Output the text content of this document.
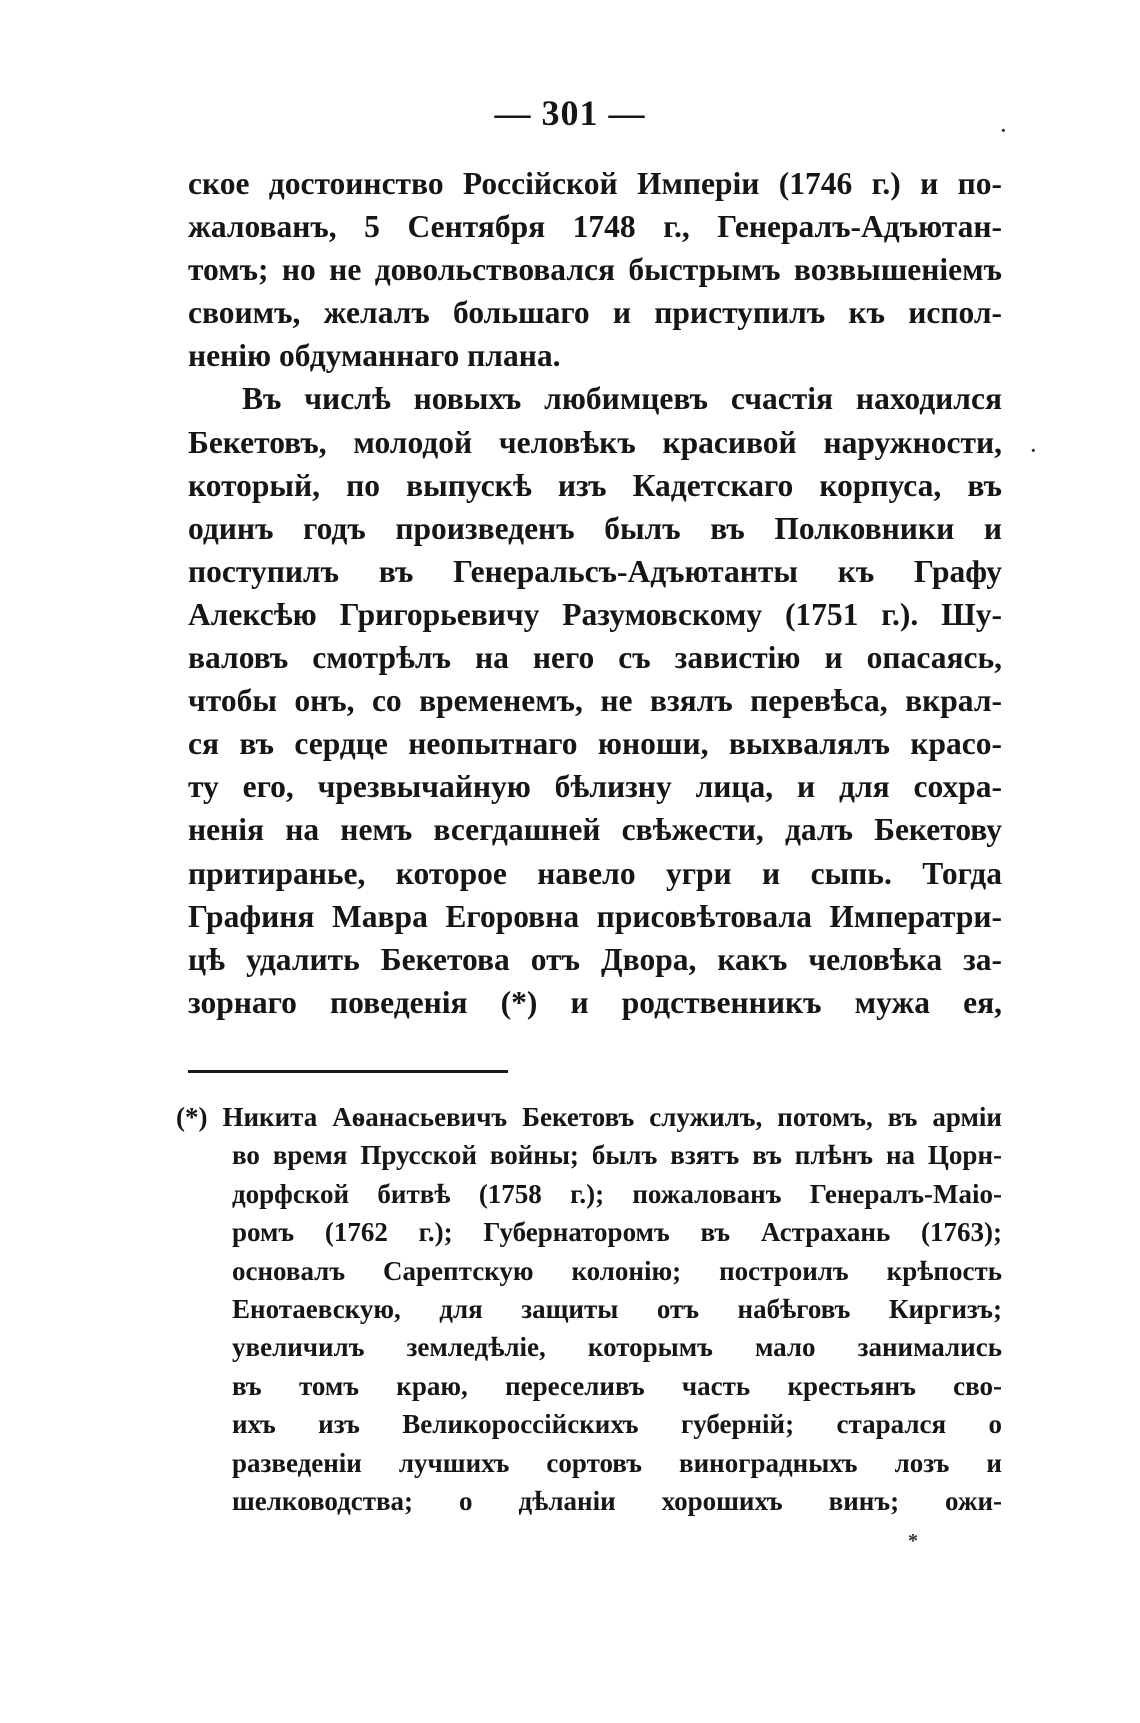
— 301 —
ское достоинство Россійской Имперіи (1746 г.) и по-
жалованъ, 5 Сентября 1748 г., Генералъ-Адъютан-
томъ; но не довольствовался быстрымъ возвышеніемъ
своимъ, желалъ большаго и приступилъ къ испол-
ненію обдуманнаго плана.
Въ числѣ новыхъ любимцевъ счастія находился
Бекетовъ, молодой человѣкъ красивой наружности,
который, по выпускѣ изъ Кадетскаго корпуса, въ
одинъ годъ произведенъ былъ въ Полковники и
поступилъ въ Генеральсъ-Адъютанты къ Графу
Алексѣю Григорьевичу Разумовскому (1751 г.). Шу-
валовъ смотрѣлъ на него съ завистію и опасаясь,
чтобы онъ, со временемъ, не взялъ перевѣса, вкрал-
ся въ сердце неопытнаго юноши, выхвалялъ красо-
ту его, чрезвычайную бѣлизну лица, и для сохра-
ненія на немъ всегдашней свѣжести, далъ Бекетову
притиранье, которое навело угри и сыпь. Тогда
Графиня Мавра Егоровна присовѣтовала Императри-
цѣ удалить Бекетова отъ Двора, какъ человѣка за-
зорнаго поведенія (*) и родственникъ мужа ея,
(*) Никита Аѳанасьевичъ Бекетовъ служилъ, потомъ, въ арміи
во время Прусской войны; былъ взятъ въ плѣнъ на Цорн-
дорфской битвѣ (1758 г.); пожалованъ Генералъ-Маіо-
ромъ (1762 г.); Губернаторомъ въ Астрахань (1763);
основалъ Сарептскую колонію; построилъ крѣпость
Енотаевскую, для защиты отъ набѣговъ Киргизъ;
увеличилъ земледѣліе, которымъ мало занимались
въ томъ краю, переселивъ часть крестьянъ сво-
ихъ изъ Великороссійскихъ губерній; старался о
разведеніи лучшихъ сортовъ виноградныхъ лозъ и
шелководства; о дѣланіи хорошихъ винъ; ожи-
·
·
*
